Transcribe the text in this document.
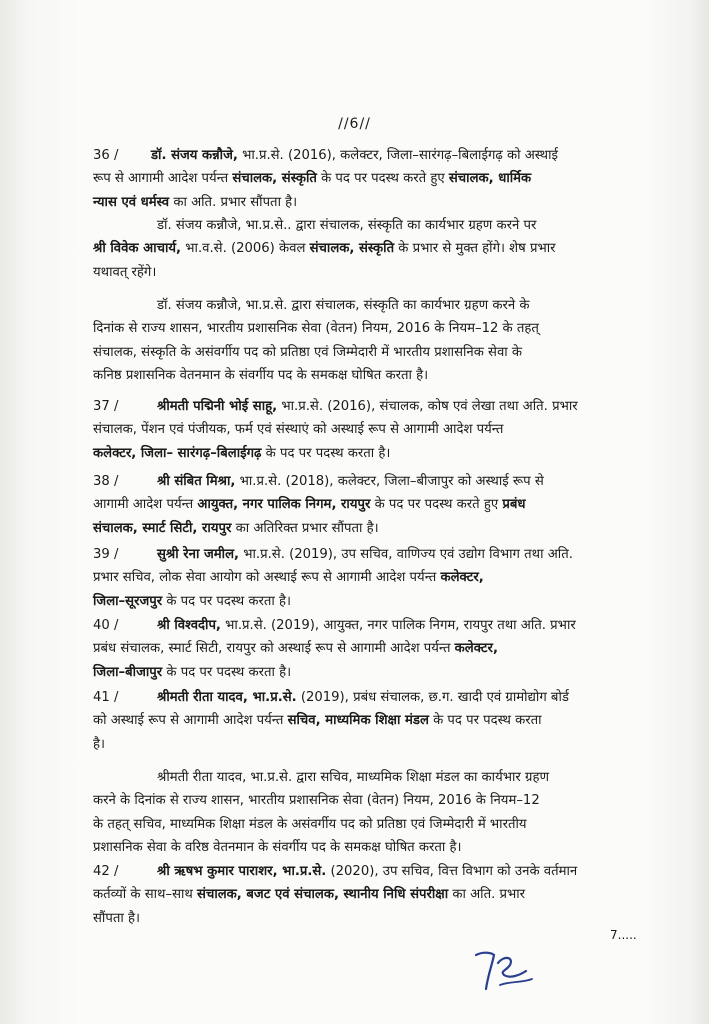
//6//
36 / डॉ. संजय कन्नौजे, भा.प्र.से. (2016), कलेक्टर, जिला–सारंगढ़–बिलाईगढ़ को अस्थाई
रूप से आगामी आदेश पर्यन्त संचालक, संस्कृति के पद पर पदस्थ करते हुए संचालक, धार्मिक
न्यास एवं धर्मस्व का अति. प्रभार सौंपता है।
डॉ. संजय कन्नौजे, भा.प्र.से.. द्वारा संचालक, संस्कृति का कार्यभार ग्रहण करने पर
श्री विवेक आचार्य, भा.व.से. (2006) केवल संचालक, संस्कृति के प्रभार से मुक्त होंगे। शेष प्रभार
यथावत् रहेंगे।
डॉ. संजय कन्नौजे, भा.प्र.से. द्वारा संचालक, संस्कृति का कार्यभार ग्रहण करने के
दिनांक से राज्य शासन, भारतीय प्रशासनिक सेवा (वेतन) नियम, 2016 के नियम–12 के तहत्
संचालक, संस्कृति के असंवर्गीय पद को प्रतिष्ठा एवं जिम्मेदारी में भारतीय प्रशासनिक सेवा के
कनिष्ठ प्रशासनिक वेतनमान के संवर्गीय पद के समकक्ष घोषित करता है।
37 /	श्रीमती पद्मिनी भोई साहू, भा.प्र.से. (2016), संचालक, कोष एवं लेखा तथा अति. प्रभार
संचालक, पेंशन एवं पंजीयक, फर्म एवं संस्थाएं को अस्थाई रूप से आगामी आदेश पर्यन्त
कलेक्टर, जिला– सारंगढ़–बिलाईगढ़ के पद पर पदस्थ करता है।
38 /	श्री संबित मिश्रा, भा.प्र.से. (2018), कलेक्टर, जिला–बीजापुर को अस्थाई रूप से
आगामी आदेश पर्यन्त आयुक्त, नगर पालिक निगम, रायपुर के पद पर पदस्थ करते हुए प्रबंध
संचालक, स्मार्ट सिटी, रायपुर का अतिरिक्त प्रभार सौंपता है।
39 /	सुश्री रेना जमील, भा.प्र.से. (2019), उप सचिव, वाणिज्य एवं उद्योग विभाग तथा अति.
प्रभार सचिव, लोक सेवा आयोग को अस्थाई रूप से आगामी आदेश पर्यन्त कलेक्टर,
जिला–सूरजपुर के पद पर पदस्थ करता है।
40 /	श्री विश्वदीप, भा.प्र.से. (2019), आयुक्त, नगर पालिक निगम, रायपुर तथा अति. प्रभार
प्रबंध संचालक, स्मार्ट सिटी, रायपुर को अस्थाई रूप से आगामी आदेश पर्यन्त कलेक्टर,
जिला–बीजापुर के पद पर पदस्थ करता है।
41 /	श्रीमती रीता यादव, भा.प्र.से. (2019), प्रबंध संचालक, छ.ग. खादी एवं ग्रामोद्योग बोर्ड
को अस्थाई रूप से आगामी आदेश पर्यन्त सचिव, माध्यमिक शिक्षा मंडल के पद पर पदस्थ करता
है।
श्रीमती रीता यादव, भा.प्र.से. द्वारा सचिव, माध्यमिक शिक्षा मंडल का कार्यभार ग्रहण
करने के दिनांक से राज्य शासन, भारतीय प्रशासनिक सेवा (वेतन) नियम, 2016 के नियम–12
के तहत् सचिव, माध्यमिक शिक्षा मंडल के असंवर्गीय पद को प्रतिष्ठा एवं जिम्मेदारी में भारतीय
प्रशासनिक सेवा के वरिष्ठ वेतनमान के संवर्गीय पद के समकक्ष घोषित करता है।
42 /	श्री ऋषभ कुमार पाराशर, भा.प्र.से. (2020), उप सचिव, वित्त विभाग को उनके वर्तमान
कर्तव्यों के साथ–साथ संचालक, बजट एवं संचालक, स्थानीय निधि संपरीक्षा का अति. प्रभार
सौंपता है।
7.....
